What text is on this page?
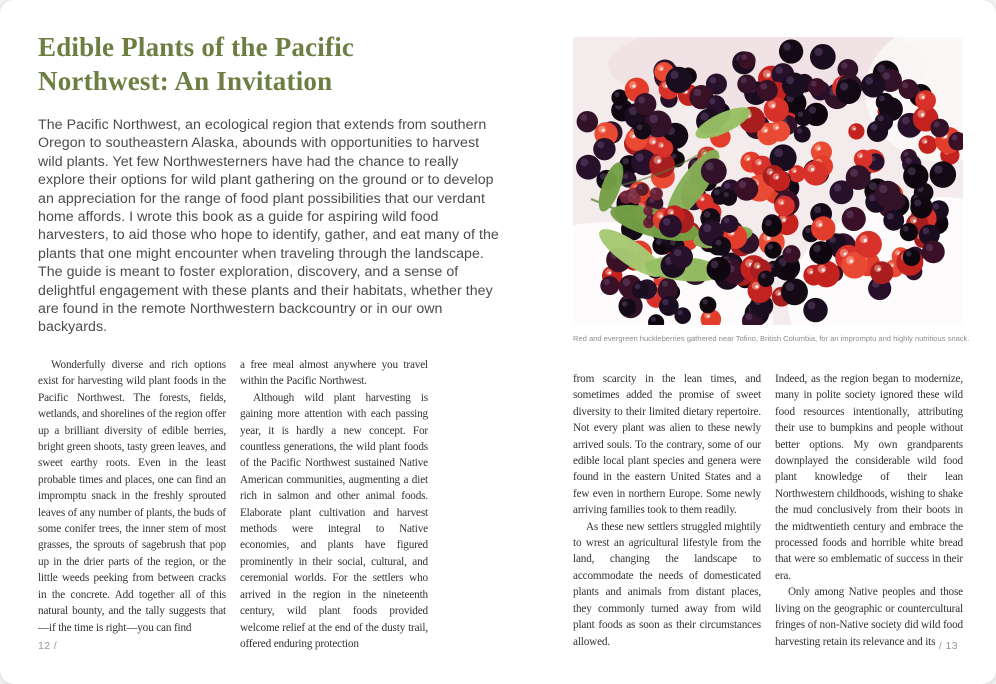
Edible Plants of the Pacific Northwest: An Invitation

The Pacific Northwest, an ecological region that extends from southern Oregon to southeastern Alaska, abounds with opportunities to harvest wild plants. Yet few Northwesterners have had the chance to really explore their options for wild plant gathering on the ground or to develop an appreciation for the range of food plant possibilities that our verdant home affords. I wrote this book as a guide for aspiring wild food harvesters, to aid those who hope to identify, gather, and eat many of the plants that one might encounter when traveling through the landscape. The guide is meant to foster exploration, discovery, and a sense of delightful engagement with these plants and their habitats, whether they are found in the remote Northwestern backcountry or in our own backyards.

Wonderfully diverse and rich options exist for harvesting wild plant foods in the Pacific Northwest. The forests, fields, wetlands, and shorelines of the region offer up a brilliant diversity of edible berries, bright green shoots, tasty green leaves, and sweet earthy roots. Even in the least probable times and places, one can find an impromptu snack in the freshly sprouted leaves of any number of plants, the buds of some conifer trees, the inner stem of most grasses, the sprouts of sagebrush that pop up in the drier parts of the region, or the little weeds peeking from between cracks in the concrete. Add together all of this natural bounty, and the tally suggests that—if the time is right—you can find

a free meal almost anywhere you travel within the Pacific Northwest.

Although wild plant harvesting is gaining more attention with each passing year, it is hardly a new concept. For countless generations, the wild plant foods of the Pacific Northwest sustained Native American communities, augmenting a diet rich in salmon and other animal foods. Elaborate plant cultivation and harvest methods were integral to Native economies, and plants have figured prominently in their social, cultural, and ceremonial worlds. For the settlers who arrived in the region in the nineteenth century, wild plant foods provided welcome relief at the end of the dusty trail, offered enduring protection

12 /
Red and evergreen huckleberries gathered near Tofino, British Columbia, for an impromptu and highly nutritious snack.

from scarcity in the lean times, and sometimes added the promise of sweet diversity to their limited dietary repertoire. Not every plant was alien to these newly arrived souls. To the contrary, some of our edible local plant species and genera were found in the eastern United States and a few even in northern Europe. Some newly arriving families took to them readily.

As these new settlers struggled mightily to wrest an agricultural lifestyle from the land, changing the landscape to accommodate the needs of domesticated plants and animals from distant places, they commonly turned away from wild plant foods as soon as their circumstances allowed.

Indeed, as the region began to modernize, many in polite society ignored these wild food resources intentionally, attributing their use to bumpkins and people without better options. My own grandparents downplayed the considerable wild food plant knowledge of their lean Northwestern childhoods, wishing to shake the mud conclusively from their boots in the midtwentieth century and embrace the processed foods and horrible white bread that were so emblematic of success in their era.

Only among Native peoples and those living on the geographic or countercultural fringes of non-Native society did wild food harvesting retain its relevance and its / 13
